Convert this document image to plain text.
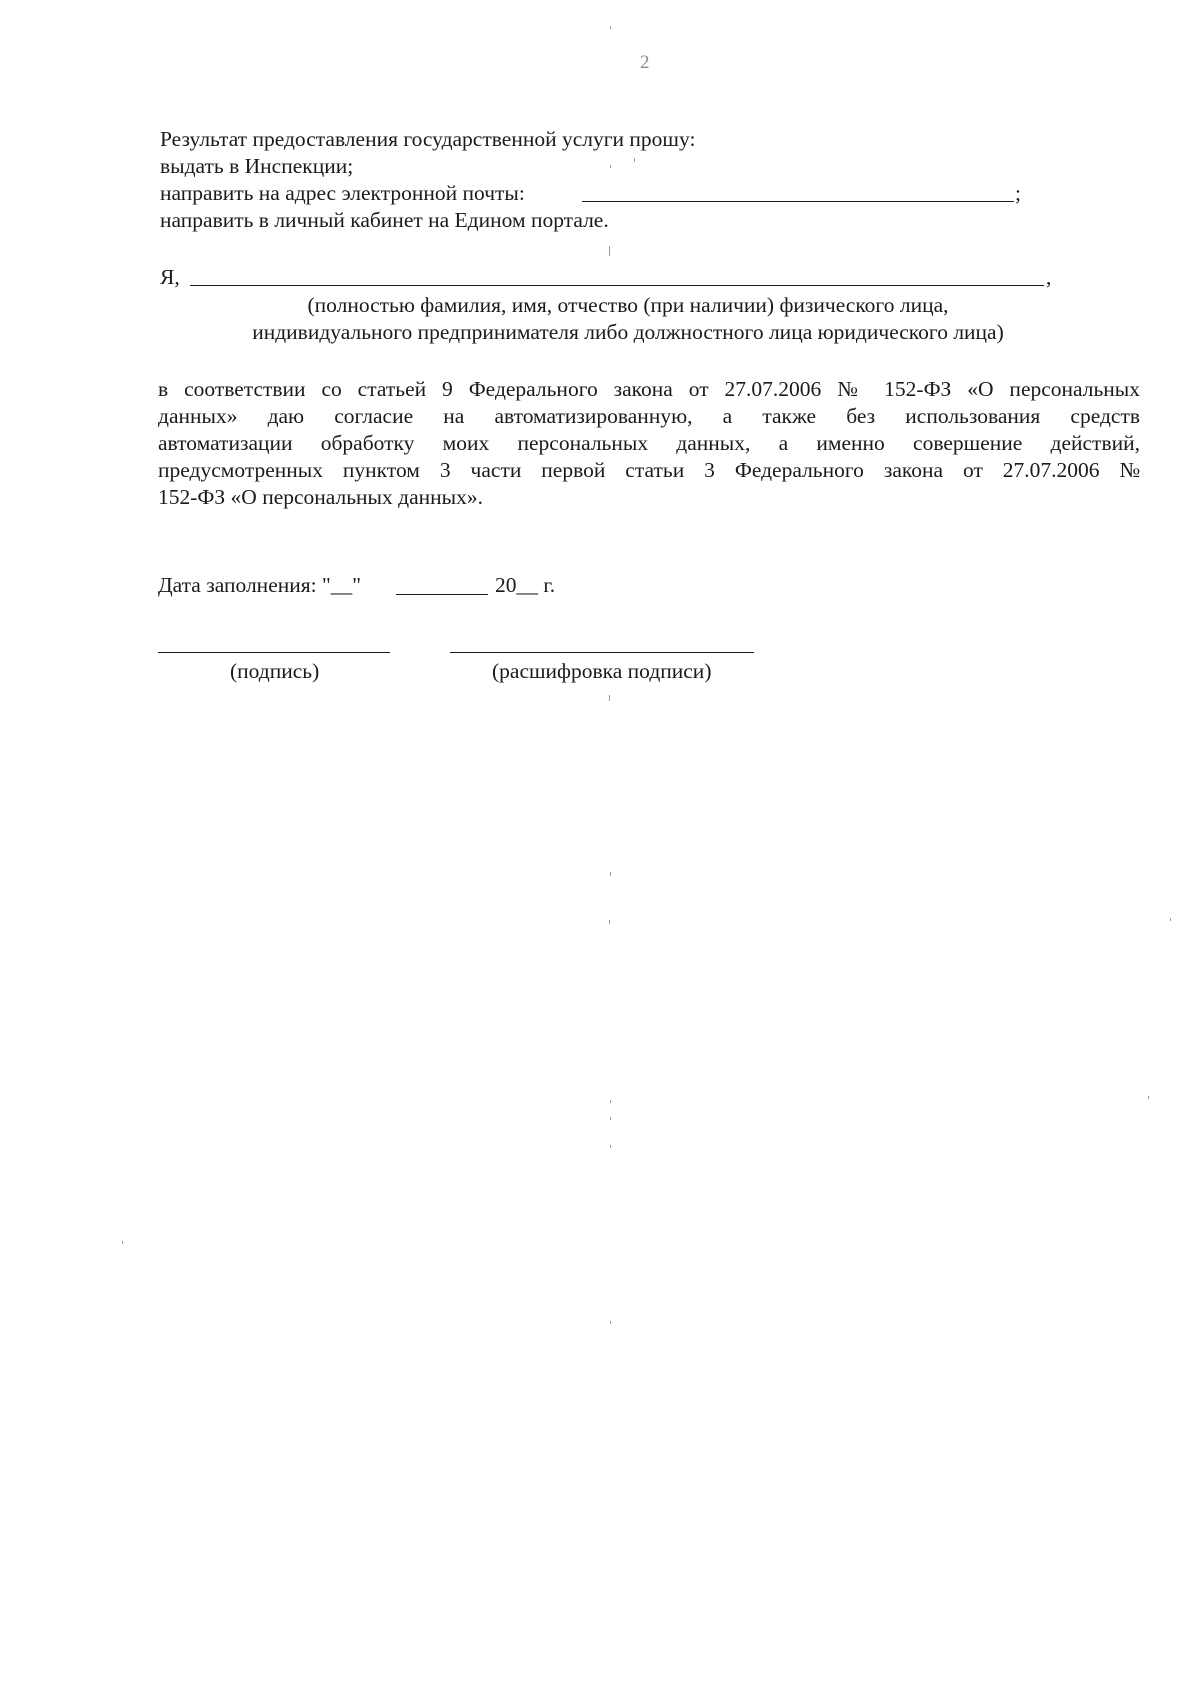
2
Результат предоставления государственной услуги прошу:
выдать в Инспекции;
направить на адрес электронной почты:	;
направить в личный кабинет на Едином портале.
Я,	,
(полностью фамилия, имя, отчество (при наличии) физического лица,
индивидуального предпринимателя либо должностного лица юридического лица)
в соответствии со статьей 9 Федерального закона от 27.07.2006 № 152-ФЗ «О персональных
данных» даю согласие на автоматизированную, а также без использования средств
автоматизации обработку моих персональных данных, а именно совершение действий,
предусмотренных пунктом 3 части первой статьи 3 Федерального закона от 27.07.2006 №
152-ФЗ «О персональных данных».
Дата заполнения: "__"	20__ г.
(подпись)	(расшифровка подписи)
